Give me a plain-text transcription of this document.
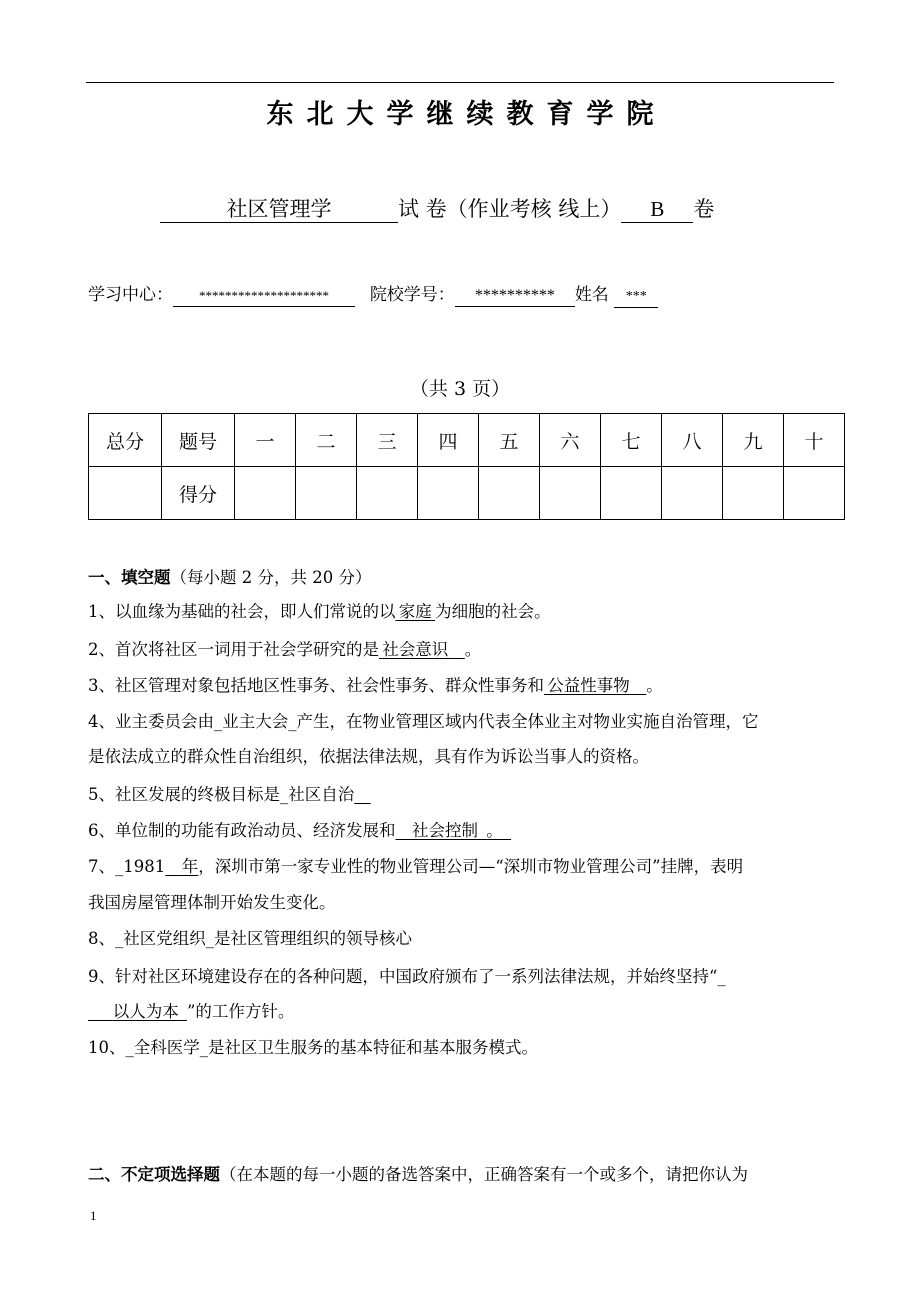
东北大学继续教育学院
社区管理学	试 卷（作业考核 线上） B 卷
学习中心： ******************** 院校学号： ********** 姓名 ***
（共 3 页）
总分	题号	一	二	三	四	五	六	七	八	九	十
	得分										
一、填空题（每小题 2 分，共 20 分）
1、以血缘为基础的社会，即人们常说的以  家庭  为细胞的社会。
2、首次将社区一词用于社会学研究的是  社会意识   。
3、社区管理对象包括地区性事务、社会性事务、群众性事务和  公益性事物   。
4、业主委员会由_业主大会_产生，在物业管理区域内代表全体业主对物业实施自治管理，它
是依法成立的群众性自治组织，依据法律法规，具有作为诉讼当事人的资格。
5、社区发展的终极目标是_社区自治  
6、单位制的功能有政治动员、经济发展和   社会控制  。 
7、_1981   年，深圳市第一家专业性的物业管理公司—“深圳市物业管理公司”挂牌，表明
我国房屋管理体制开始发生变化。
8、_社区党组织_是社区管理组织的领导核心
9、针对社区环境建设存在的各种问题，中国政府颁布了一系列法律法规，并始终坚持“_
   以人为本  ”的工作方针。
10、_全科医学_是社区卫生服务的基本特征和基本服务模式。
二、不定项选择题（在本题的每一小题的备选答案中，正确答案有一个或多个，请把你认为
1
